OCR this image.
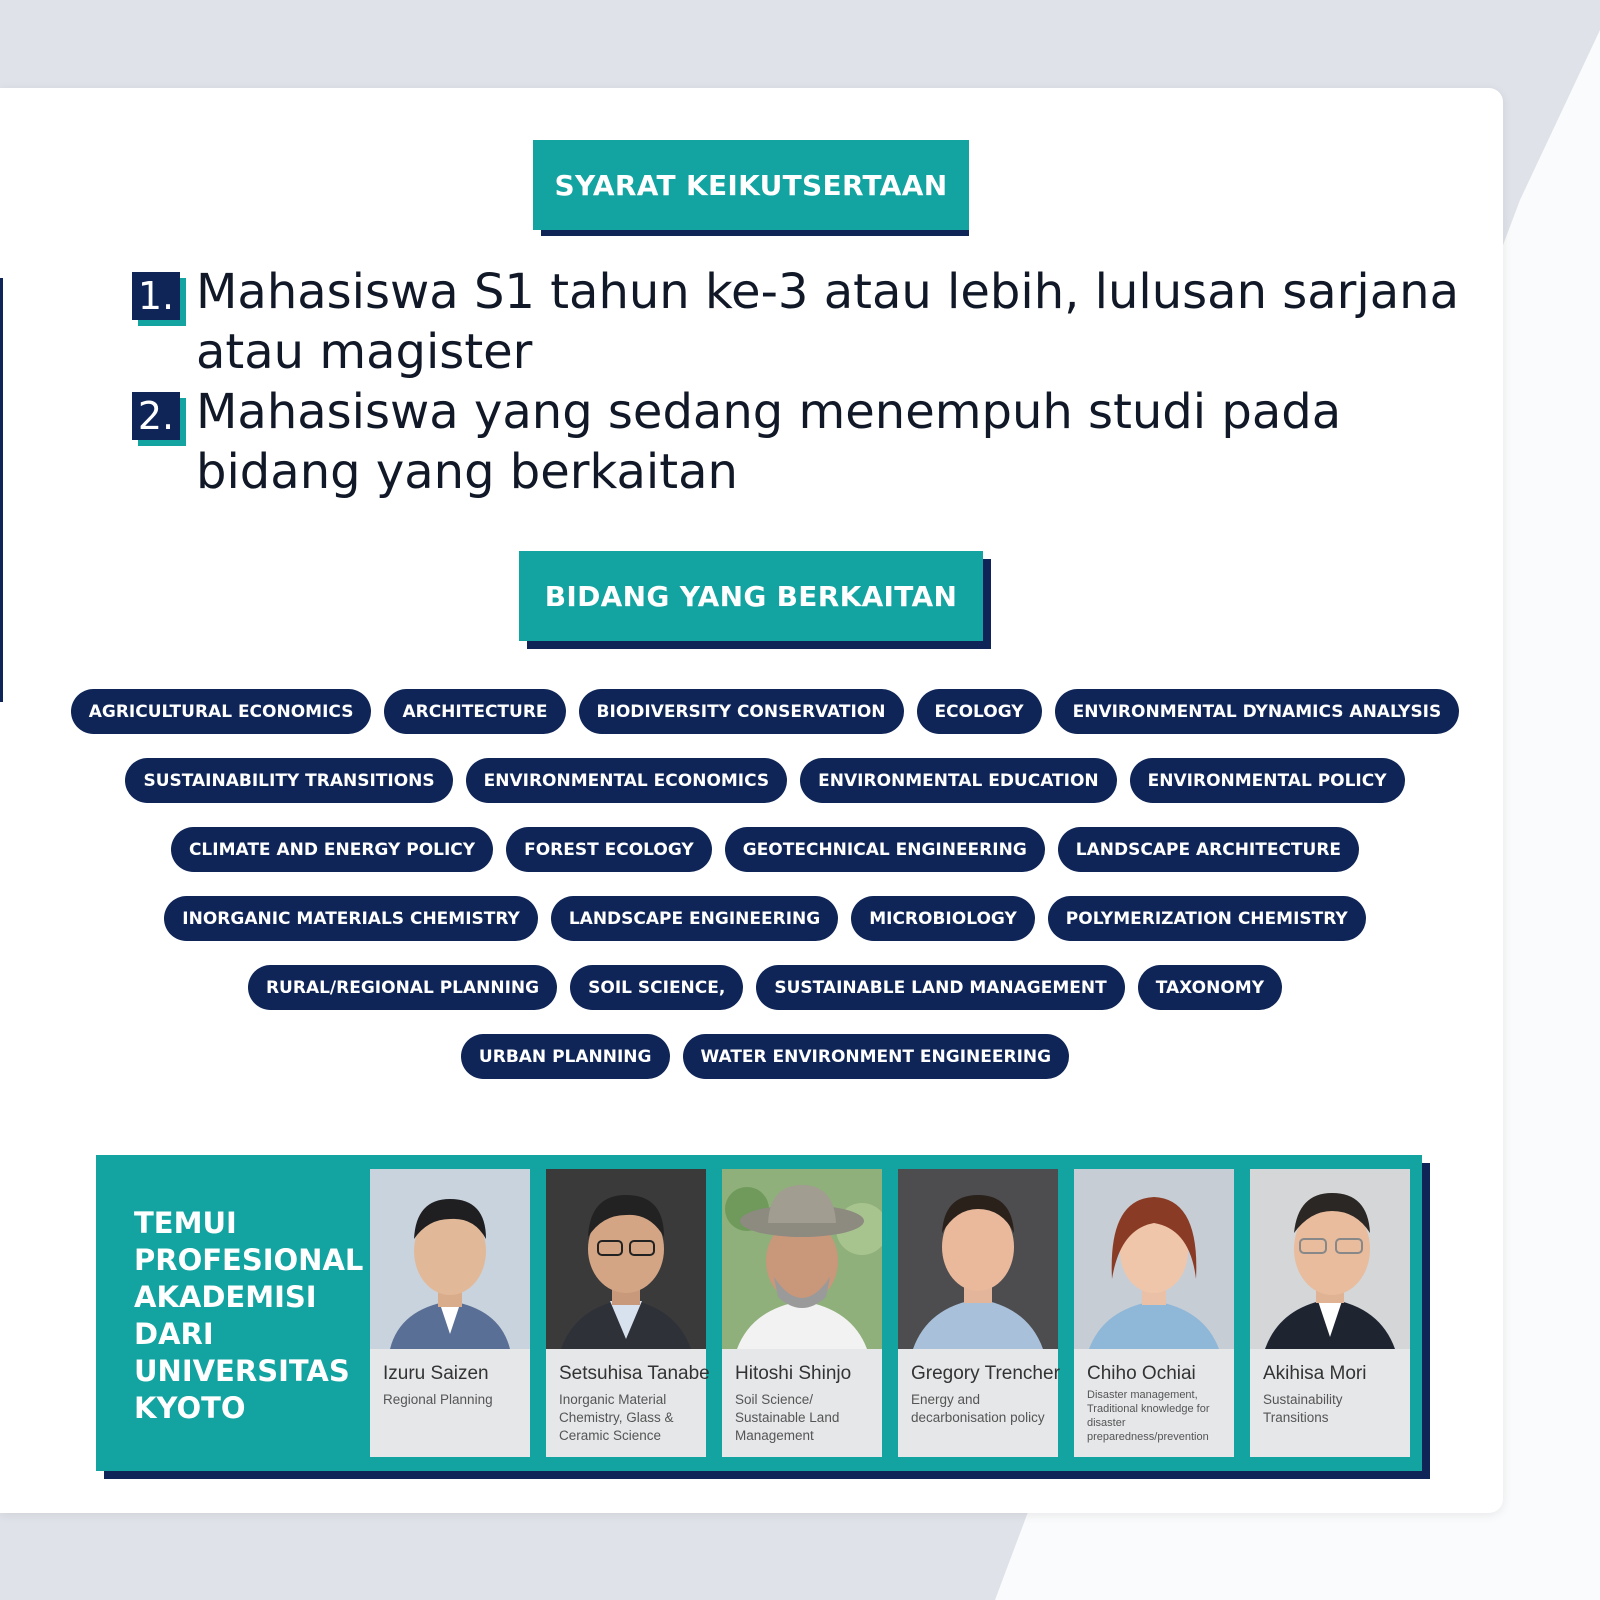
SYARAT KEIKUTSERTAAN
1. Mahasiswa S1 tahun ke-3 atau lebih, lulusan sarjana atau magister
2. Mahasiswa yang sedang menempuh studi pada bidang yang berkaitan
BIDANG YANG BERKAITAN
AGRICULTURAL ECONOMICS	ARCHITECTURE	BIODIVERSITY CONSERVATION	ECOLOGY	ENVIRONMENTAL DYNAMICS ANALYSIS
SUSTAINABILITY TRANSITIONS	ENVIRONMENTAL ECONOMICS	ENVIRONMENTAL EDUCATION	ENVIRONMENTAL POLICY
CLIMATE AND ENERGY POLICY	FOREST ECOLOGY	GEOTECHNICAL ENGINEERING	LANDSCAPE ARCHITECTURE
INORGANIC MATERIALS CHEMISTRY	LANDSCAPE ENGINEERING	MICROBIOLOGY	POLYMERIZATION CHEMISTRY
RURAL/REGIONAL PLANNING	SOIL SCIENCE,	SUSTAINABLE LAND MANAGEMENT	TAXONOMY
URBAN PLANNING	WATER ENVIRONMENT ENGINEERING
TEMUI PROFESIONAL AKADEMISI DARI UNIVERSITAS KYOTO
Izuru Saizen
Regional Planning
Setsuhisa Tanabe
Inorganic Material Chemistry, Glass & Ceramic Science
Hitoshi Shinjo
Soil Science/ Sustainable Land Management
Gregory Trencher
Energy and decarbonisation policy
Chiho Ochiai
Disaster management, Traditional knowledge for disaster preparedness/prevention
Akihisa Mori
Sustainability Transitions
